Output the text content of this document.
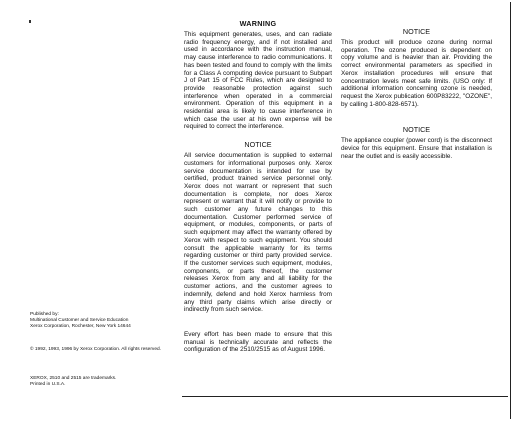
WARNING
This equipment generates, uses, and can radiate radio frequency energy, and if not installed and used in accordance with the instruction manual, may cause interference to radio communications. It has been tested and found to comply with the limits for a Class A computing device pursuant to Subpart J of Part 15 of FCC Rules, which are designed to provide reasonable protection against such interference when operated in a commercial environment. Operation of this equipment in a residential area is likely to cause interference in which case the user at his own expense will be required to correct the interference.
NOTICE
All service documentation is supplied to external customers for informational purposes only. Xerox service documentation is intended for use by certified, product trained service personnel only. Xerox does not warrant or represent that such documentation is complete, nor does Xerox represent or warrant that it will notify or provide to such customer any future changes to this documentation. Customer performed service of equipment, or modules, components, or parts of such equipment may affect the warranty offered by Xerox with respect to such equipment. You should consult the applicable warranty for its terms regarding customer or third party provided service. If the customer services such equipment, modules, components, or parts thereof, the customer releases Xerox from any and all liability for the customer actions, and the customer agrees to indemnify, defend and hold Xerox harmless from any third party claims which arise directly or indirectly from such service.
Every effort has been made to ensure that this manual is technically accurate and reflects the configuration of the 2510/2515 as of August 1996.
NOTICE
This product will produce ozone during normal operation. The ozone produced is dependent on copy volume and is heavier than air. Providing the correct environmental parameters as specified in Xerox installation procedures will ensure that concentration levels meet safe limits. (USO only: If additional information concerning ozone is needed, request the Xerox publication 600P83222, "OZONE", by calling 1-800-828-6571).
NOTICE
The appliance coupler (power cord) is the disconnect device for this equipment. Ensure that installation is near the outlet and is easily accessible.
Published by:
Multinational Customer and Service Education
Xerox Corporation, Rochester, New York 14644
© 1992, 1993, 1996 by Xerox Corporation. All rights reserved.
XEROX, 2510 and 2515 are trademarks.
Printed in U.S.A.
